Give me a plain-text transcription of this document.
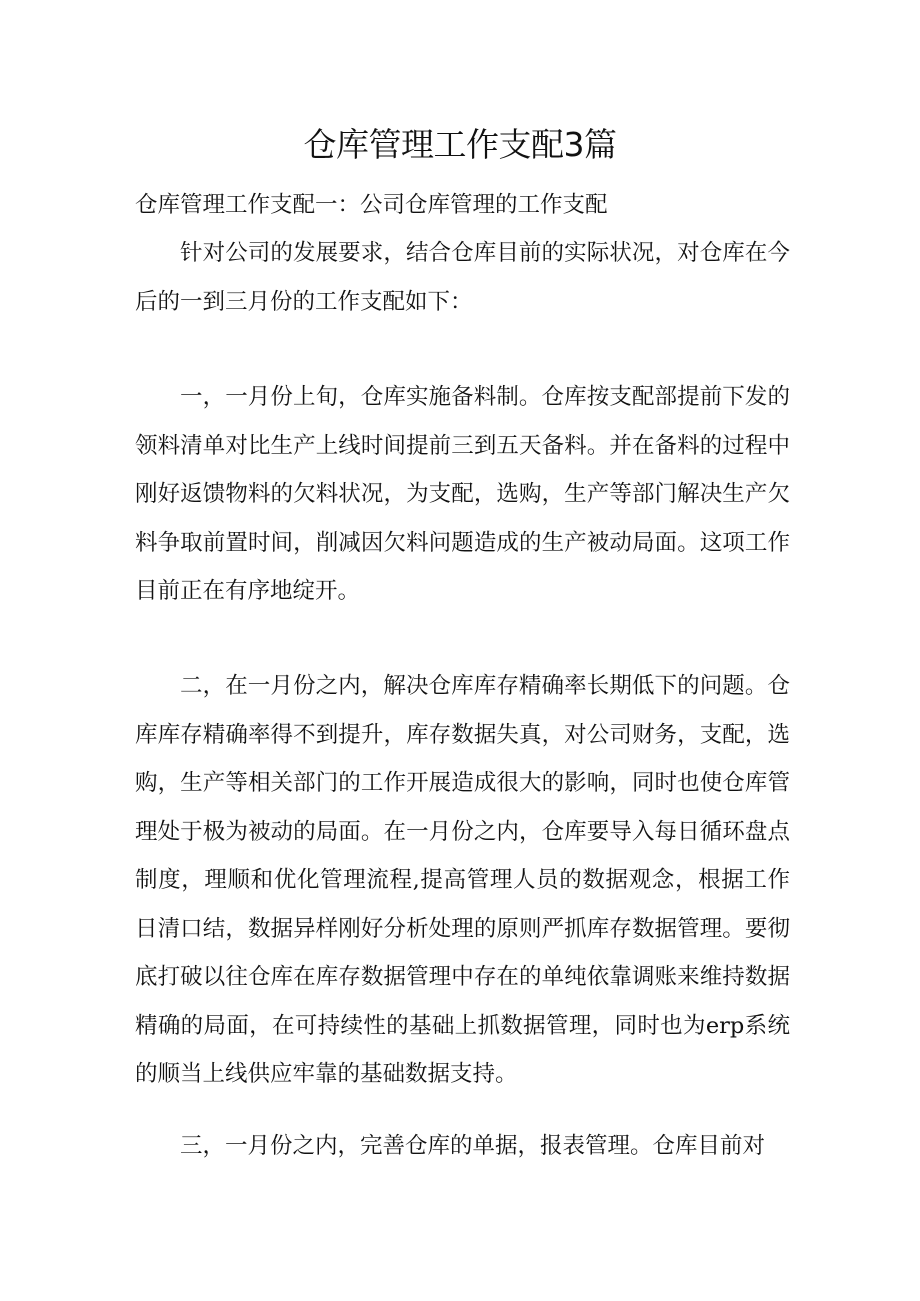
仓库管理工作支配3篇

仓库管理工作支配一：公司仓库管理的工作支配

针对公司的发展要求，结合仓库目前的实际状况，对仓库在今后的一到三月份的工作支配如下：

一，一月份上旬，仓库实施备料制。仓库按支配部提前下发的领料清单对比生产上线时间提前三到五天备料。并在备料的过程中刚好返馈物料的欠料状况，为支配，选购，生产等部门解决生产欠料争取前置时间，削减因欠料问题造成的生产被动局面。这项工作目前正在有序地绽开。

二，在一月份之内，解决仓库库存精确率长期低下的问题。仓库库存精确率得不到提升，库存数据失真，对公司财务，支配，选购，生产等相关部门的工作开展造成很大的影响，同时也使仓库管理处于极为被动的局面。在一月份之内，仓库要导入每日循环盘点制度，理顺和优化管理流程,提高管理人员的数据观念，根据工作日清口结，数据异样刚好分析处理的原则严抓库存数据管理。要彻底打破以往仓库在库存数据管理中存在的单纯依靠调账来维持数据精确的局面，在可持续性的基础上抓数据管理，同时也为erp系统的顺当上线供应牢靠的基础数据支持。

三，一月份之内，完善仓库的单据，报表管理。仓库目前对
